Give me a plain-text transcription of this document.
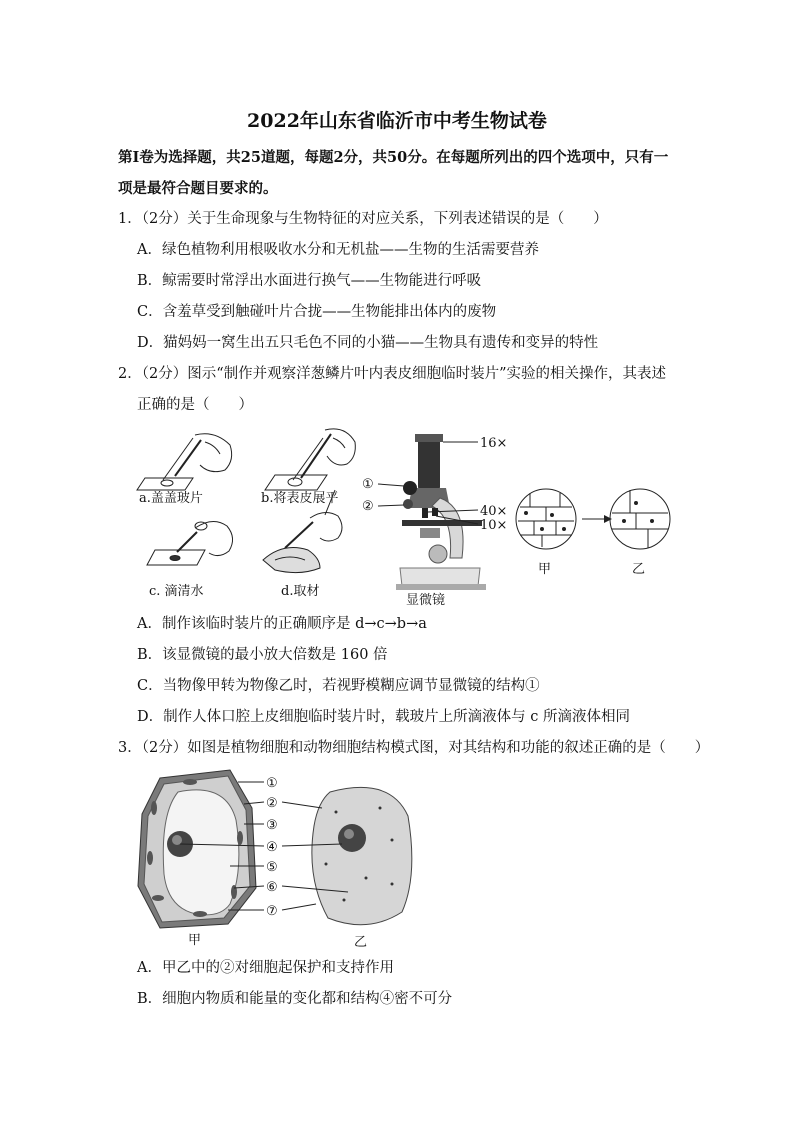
2022年山东省临沂市中考生物试卷
第Ⅰ卷为选择题，共25道题，每题2分，共50分。在每题所列出的四个选项中，只有一
项是最符合题目要求的。
1．（2分）关于生命现象与生物特征的对应关系，下列表述错误的是（　　）
A．绿色植物利用根吸收水分和无机盐——生物的生活需要营养
B．鲸需要时常浮出水面进行换气——生物能进行呼吸
C．含羞草受到触碰叶片合拢——生物能排出体内的废物
D．猫妈妈一窝生出五只毛色不同的小猫——生物具有遗传和变异的特性
2．（2分）图示“制作并观察洋葱鳞片叶内表皮细胞临时装片”实验的相关操作，其表述
正确的是（　　）
a.盖盖玻片	b.将表皮展平
c. 滴清水	d.取材
16×
①
②	40×
10×
显微镜
甲	乙
A．制作该临时装片的正确顺序是 d→c→b→a
B．该显微镜的最小放大倍数是 160 倍
C．当物像甲转为物像乙时，若视野模糊应调节显微镜的结构①
D．制作人体口腔上皮细胞临时装片时，载玻片上所滴液体与 c 所滴液体相同
3．（2分）如图是植物细胞和动物细胞结构模式图，对其结构和功能的叙述正确的是（　　）
①
②
③
④
⑤
⑥
⑦
甲	乙
A．甲乙中的②对细胞起保护和支持作用
B．细胞内物质和能量的变化都和结构④密不可分
